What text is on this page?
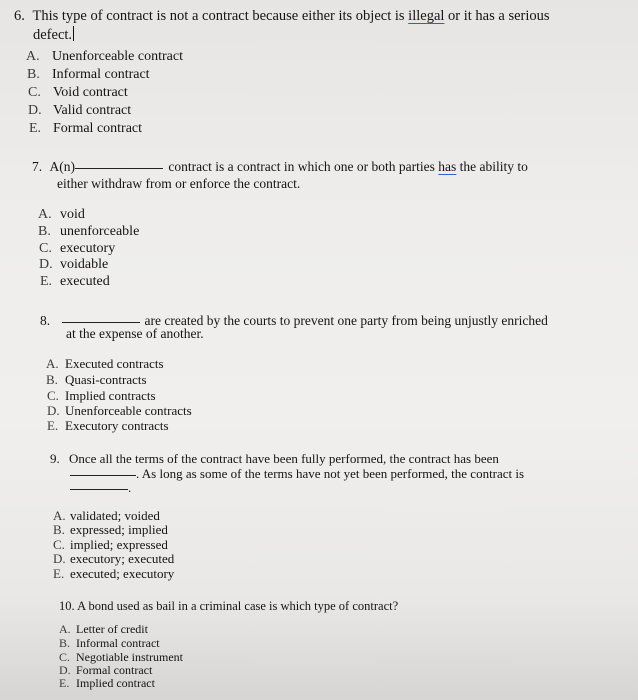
6. This type of contract is not a contract because either its object is illegal or it has a serious
defect.
A. Unenforceable contract
B. Informal contract
C. Void contract
D. Valid contract
E. Formal contract
7. A(n)	contract is a contract in which one or both parties has the ability to
either withdraw from or enforce the contract.
A. void
B. unenforceable
C. executory
D. voidable
E. executed
8.	are created by the courts to prevent one party from being unjustly enriched
at the expense of another.
A. Executed contracts
B. Quasi-contracts
C. Implied contracts
D. Unenforceable contracts
E. Executory contracts
9. Once all the terms of the contract have been fully performed, the contract has been
. As long as some of the terms have not yet been performed, the contract is
.
A. validated; voided
B. expressed; implied
C. implied; expressed
D. executory; executed
E. executed; executory
10. A bond used as bail in a criminal case is which type of contract?
A. Letter of credit
B. Informal contract
C. Negotiable instrument
D. Formal contract
E. Implied contract
